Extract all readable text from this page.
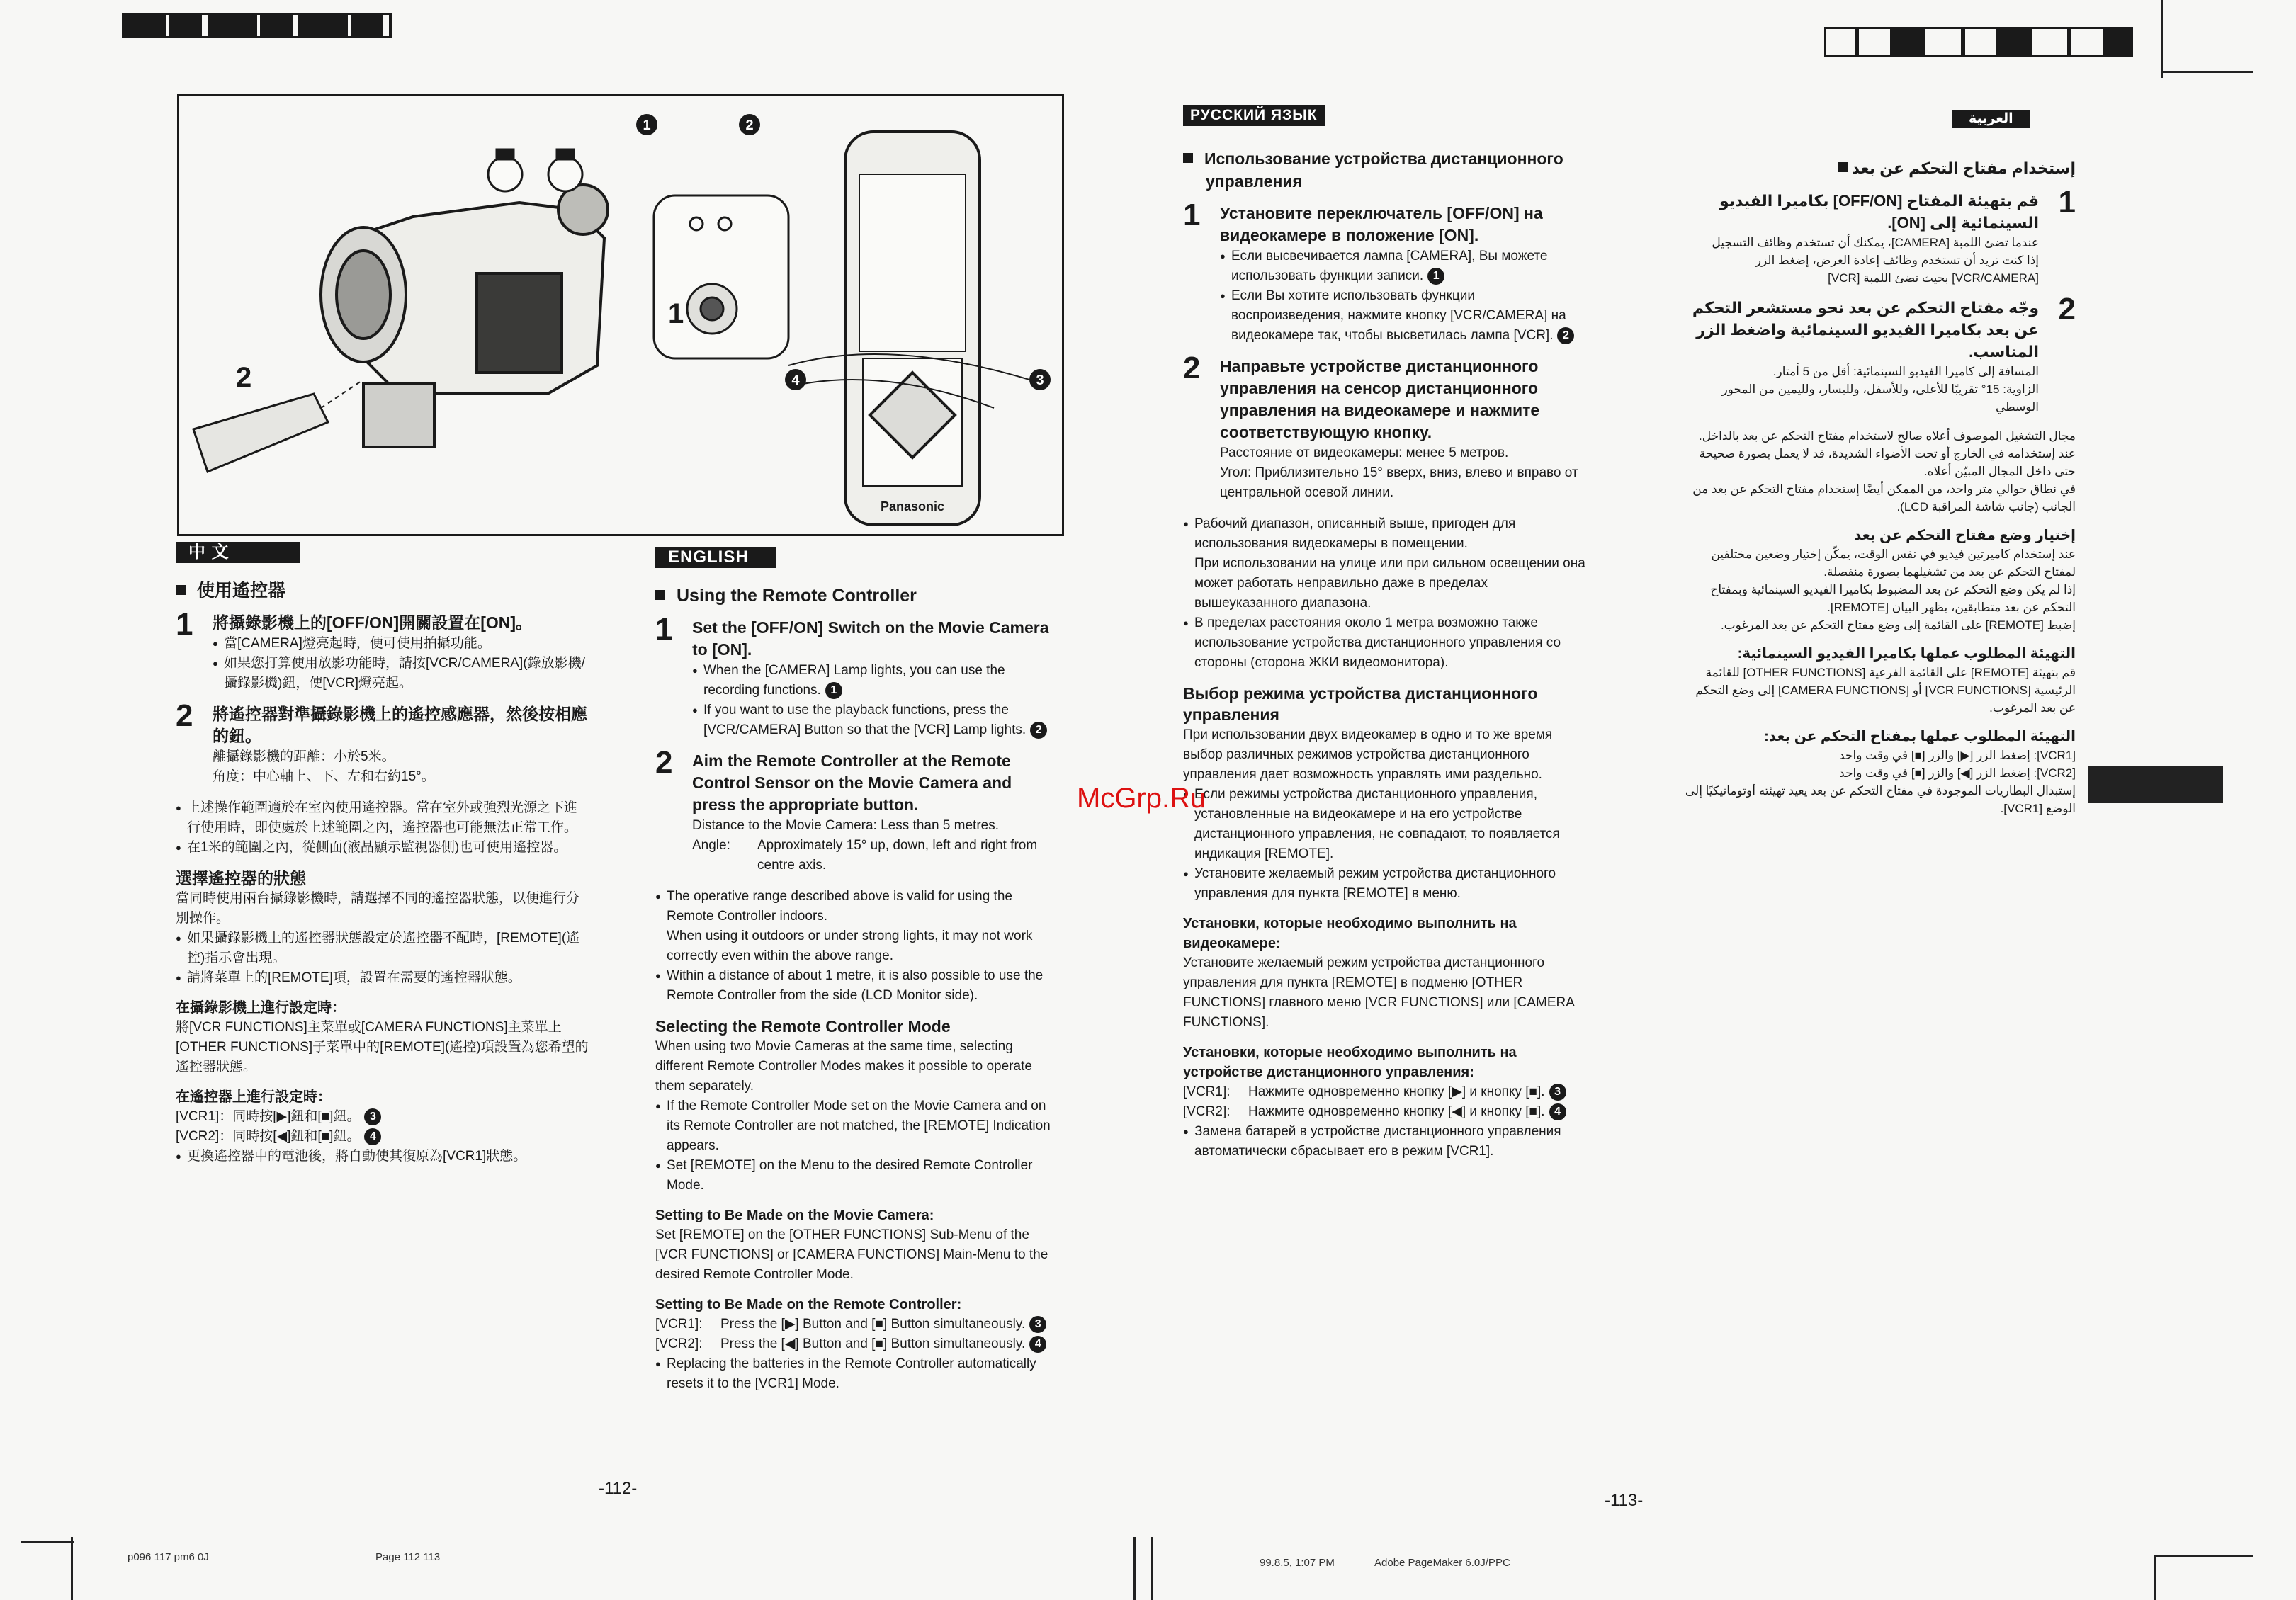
Panasonic
1
2
1	2
3
4
中 文

使用遙控器

1 將攝錄影機上的[OFF/ON]開關設置在[ON]。
● 當[CAMERA]燈亮起時，便可使用拍攝功能。
● 如果您打算使用放影功能時，請按[VCR/CAMERA](錄放影機/攝錄影機)鈕，使[VCR]燈亮起。
2 將遙控器對準攝錄影機上的遙控感應器，然後按相應的鈕。
離攝錄影機的距離：小於5米。
角度：中心軸上、下、左和右約15°。
● 上述操作範圍適於在室內使用遙控器。當在室外或強烈光源之下進行使用時，即使處於上述範圍之內，遙控器也可能無法正常工作。
● 在1米的範圍之內，從側面(液晶顯示監視器側)也可使用遙控器。
選擇遙控器的狀態

當同時使用兩台攝錄影機時，請選擇不同的遙控器狀態，以便進行分別操作。

● 如果攝錄影機上的遙控器狀態設定於遙控器不配時，[REMOTE](遙控)指示會出現。
● 請將菜單上的[REMOTE]項，設置在需要的遙控器狀態。
在攝錄影機上進行設定時：

將[VCR FUNCTIONS]主菜單或[CAMERA FUNCTIONS]主菜單上[OTHER FUNCTIONS]子菜單中的[REMOTE](遙控)項設置為您希望的遙控器狀態。

在遙控器上進行設定時：

[VCR1]：同時按[▶]鈕和[■]鈕。 3

[VCR2]：同時按[◀]鈕和[■]鈕。 4

● 更換遙控器中的電池後，將自動使其復原為[VCR1]狀態。
ENGLISH

Using the Remote Controller

1 Set the [OFF/ON] Switch on the Movie Camera to [ON].
● When the [CAMERA] Lamp lights, you can use the recording functions. 1
● If you want to use the playback functions, press the [VCR/CAMERA] Button so that the [VCR] Lamp lights. 2
2 Aim the Remote Controller at the Remote Control Sensor on the Movie Camera and press the appropriate button.
Distance to the Movie Camera: Less than 5 metres.
Angle: Approximately 15° up, down, left and right from centre axis.
● The operative range described above is valid for using the Remote Controller indoors.
When using it outdoors or under strong lights, it may not work correctly even within the above range.
● Within a distance of about 1 metre, it is also possible to use the Remote Controller from the side (LCD Monitor side).
Selecting the Remote Controller Mode

When using two Movie Cameras at the same time, selecting different Remote Controller Modes makes it possible to operate them separately.

● If the Remote Controller Mode set on the Movie Camera and on its Remote Controller are not matched, the [REMOTE] Indication appears.
● Set [REMOTE] on the Menu to the desired Remote Controller Mode.
Setting to Be Made on the Movie Camera:

Set [REMOTE] on the [OTHER FUNCTIONS] Sub-Menu of the [VCR FUNCTIONS] or [CAMERA FUNCTIONS] Main-Menu to the desired Remote Controller Mode.

Setting to Be Made on the Remote Controller:
[VCR1]: Press the [▶] Button and [■] Button simultaneously. 3
[VCR2]: Press the [◀] Button and [■] Button simultaneously. 4
● Replacing the batteries in the Remote Controller automatically resets it to the [VCR1] Mode.
-112-
p096 117 pm6 0J	Page 112 113
РУССКИЙ ЯЗЫК

Использование устройства дистанционного управления

1 Установите переключатель [OFF/ON] на видеокамере в положение [ON].
● Если высвечивается лампа [CAMERA], Вы можете использовать функции записи. 1
● Если Вы хотите использовать функции воспроизведения, нажмите кнопку [VCR/CAMERA] на видеокамере так, чтобы высветилась лампа [VCR]. 2
2 Направьте устройстве дистанционного управления на сенсор дистанционного управления на видеокамере и нажмите соответствующую кнопку.
Расстояние от видеокамеры: менее 5 метров.
Угол: Приблизительно 15° вверх, вниз, влево и вправо от центральной осевой линии.
● Рабочий диапазон, описанный выше, пригоден для использования видеокамеры в помещении.
При использовании на улице или при сильном освещении она может работать неправильно даже в пределах вышеуказанного диапазона.
● В пределах расстояния около 1 метра возможно также использование устройства дистанционного управления со стороны (сторона ЖКИ видеомонитора).
Выбор режима устройства дистанционного управления

При использовании двух видеокамер в одно и то же время выбор различных режимов устройства дистанционного управления дает возможность управлять ими раздельно.

● Если режимы устройства дистанционного управления, установленные на видеокамере и на его устройстве дистанционного управления, не совпадают, то появляется индикация [REMOTE].
● Установите желаемый режим устройства дистанционного управления для пункта [REMOTE] в меню.
Установки, которые необходимо выполнить на видеокамере:

Установите желаемый режим устройства дистанционного управления для пункта [REMOTE] в подменю [OTHER FUNCTIONS] главного меню [VCR FUNCTIONS] или [CAMERA FUNCTIONS].

Установки, которые необходимо выполнить на устройстве дистанционного управления:
[VCR1]: Нажмите одновременно кнопку [▶] и кнопку [■]. 3
[VCR2]: Нажмите одновременно кнопку [◀] и кнопку [■]. 4
● Замена батарей в устройстве дистанционного управления автоматически сбрасывает его в режим [VCR1].
McGrp.Ru
-113-
99.8.5, 1:07 PM	Adobe PageMaker 6.0J/PPC
العربية

إستخدام مفتاح التحكم عن بعد

1
قم بتهيئة المفتاح [OFF/ON] بكاميرا الفيديو السينمائية إلى [ON].
عندما تضئ اللمبة [CAMERA]، يمكنك أن تستخدم وظائف التسجيل
إذا كنت تريد أن تستخدم وظائف إعادة العرض، إضغط الزر [VCR/CAMERA] بحيث تضئ اللمبة [VCR]
2
وجّه مفتاح التحكم عن بعد نحو مستشعر التحكم عن بعد بكاميرا الفيديو السينمائية واضغط الزر المناسب.
المسافة إلى كاميرا الفيديو السينمائية: أقل من 5 أمتار.
الزاوية: 15° تقريبًا للأعلى، وللأسفل، ولليسار، ولليمين من المحور الوسطي

مجال التشغيل الموصوف أعلاه صالح لاستخدام مفتاح التحكم عن بعد بالداخل. عند إستخدامه في الخارج أو تحت الأضواء الشديدة، قد لا يعمل بصورة صحيحة حتى داخل المجال المبيّن أعلاه.

في نطاق حوالي متر واحد، من الممكن أيضًا إستخدام مفتاح التحكم عن بعد من الجانب (جانب شاشة المراقبة LCD).

إختيار وضع مفتاح التحكم عن بعد

عند إستخدام كاميرتين فيديو في نفس الوقت، يمكّن إختيار وضعين مختلفين لمفتاح التحكم عن بعد من تشغيلهما بصورة منفصلة.

إذا لم يكن وضع التحكم عن بعد المضبوط بكاميرا الفيديو السينمائية وبمفتاح التحكم عن بعد متطابقين، يظهر البيان [REMOTE].

إضبط [REMOTE] على القائمة إلى وضع مفتاح التحكم عن بعد المرغوب.

التهيئة المطلوب عملها بكاميرا الفيديو السينمائية:

قم بتهيئة [REMOTE] على القائمة الفرعية [OTHER FUNCTIONS] للقائمة الرئيسية [VCR FUNCTIONS] أو [CAMERA FUNCTIONS] إلى وضع التحكم عن بعد المرغوب.

التهيئة المطلوب عملها بمفتاح التحكم عن بعد:

[VCR1]: إضغط الزر [▶] والزر [■] في وقت واحد

[VCR2]: إضغط الزر [◀] والزر [■] في وقت واحد

إستبدال البطاريات الموجودة في مفتاح التحكم عن بعد يعيد تهيئته أوتوماتيكيًا إلى الوضع [VCR1].
